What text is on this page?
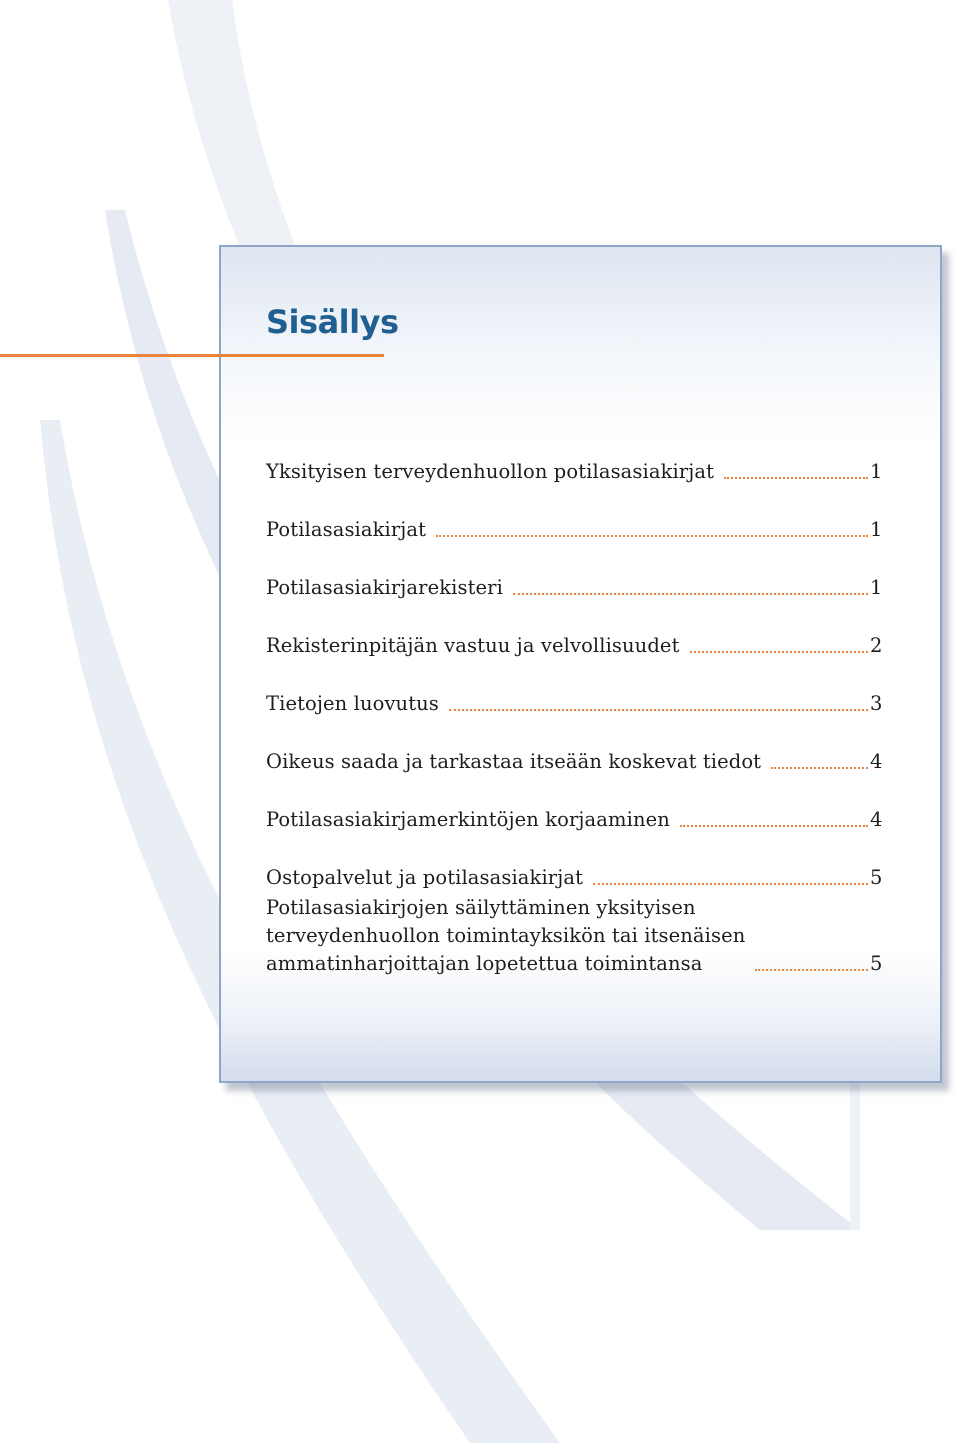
Sisällys
Yksityisen terveydenhuollon potilasasiakirjat	1
Potilasasiakirjat	1
Potilasasiakirjarekisteri	1
Rekisterinpitäjän vastuu ja velvollisuudet	2
Tietojen luovutus	3
Oikeus saada ja tarkastaa itseään koskevat tiedot	4
Potilasasiakirjamerkintöjen korjaaminen	4
Ostopalvelut ja potilasasiakirjat	5
Potilasasiakirjojen säilyttäminen yksityisen
terveydenhuollon toimintayksikön tai itsenäisen
ammatinharjoittajan lopetettua toimintansa	5
